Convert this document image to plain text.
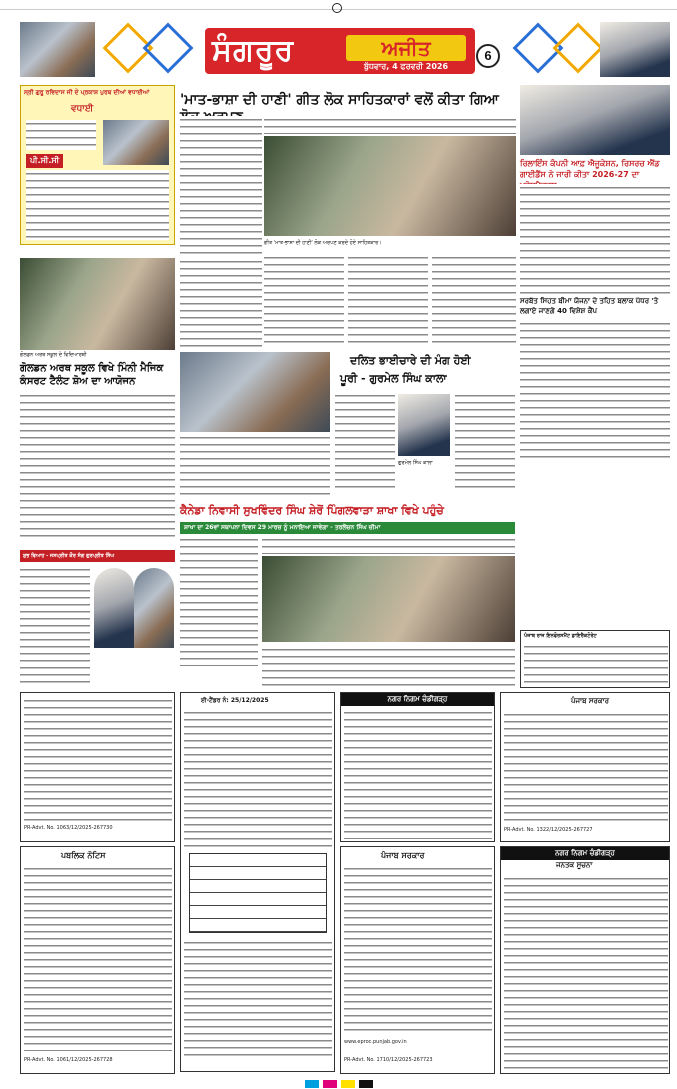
ਸੰਗਰੂਰ	ਅਜੀਤ
ਬੁੱਧਵਾਰ, 4 ਫਰਵਰੀ 2026
6
ਸ੍ਰੀ ਗੁਰੂ ਰਵਿਦਾਸ ਜੀ ਦੇ ਪ੍ਰਕਾਸ਼ ਪੁਰਬ ਦੀਆਂ ਵਧਾਈਆਂ
ਵਧਾਈ
ਪੀ.ਸੀ.ਸੀ
ਗੋਲਡਨ ਅਰਥ ਸਕੂਲ ਦੇ ਵਿਦਿਆਰਥੀ
ਗੋਲਡਨ ਅਰਥ ਸਕੂਲ ਵਿਖੇ ਮਿੰਨੀ ਮੈਜਿਕ ਕੰਸਰਟ ਟੈਲੰਟ ਸ਼ੋਅ ਦਾ ਆਯੋਜਨ
ਸ਼ੁਭ ਵਿਆਹ - ਜਸਪ੍ਰੀਤ ਕੌਰ ਸੰਗ ਗੁਰਪ੍ਰੀਤ ਸਿੰਘ
'ਮਾਤ-ਭਾਸ਼ਾ ਦੀ ਹਾਣੀ' ਗੀਤ ਲੋਕ ਸਾਹਿਤਕਾਰਾਂ ਵਲੋਂ ਕੀਤਾ ਗਿਆ
ਗੀਤ 'ਮਾਤ-ਭਾਸ਼ਾ ਦੀ ਹਾਣੀ' ਲੋਕ ਅਰਪਣ ਕਰਦੇ ਹੋਏ ਸਾਹਿਤਕਾਰ।
ਰਿਲਾਇੰਸ ਕੰਪਨੀ ਆਫ਼ ਐਜੂਕੇਸ਼ਨ, ਰਿਸਰਚ ਐਂਡ ਗਾਈਡੈਂਸ ਨੇ ਜਾਰੀ ਕੀਤਾ 2026-27 ਦਾ
ਸਰਬੱਤ ਸਿਹਤ ਬੀਮਾ ਯੋਜਨਾ ਦੇ ਤਹਿਤ ਬਲਾਕ ਪੱਧਰ 'ਤੇ ਲਗਾਏ ਜਾਣਗੇ 40 ਵਿਸ਼ੇਸ਼ ਕੈਂਪ
ਦਲਿਤ ਭਾਈਚਾਰੇ ਦੀ ਮੰਗ ਹੋਈ
ਪੂਰੀ - ਗੁਰਮੇਲ ਸਿੰਘ ਕਾਲਾ
ਗੁਰਮੇਲ ਸਿੰਘ ਕਾਲਾ
ਕੈਨੇਡਾ ਨਿਵਾਸੀ ਸੁਖਵਿੰਦਰ ਸਿੰਘ ਸ਼ੇਰੋਂ ਪਿੰਗਲਵਾੜਾ ਸ਼ਾਖਾ ਵਿਖੇ ਪਹੁੰਚੇ
ਸ਼ਾਖਾ ਦਾ 26ਵਾਂ ਸਥਾਪਨਾ ਦਿਵਸ 29 ਮਾਰਚ ਨੂੰ ਮਨਾਇਆ ਜਾਵੇਗਾ - ਤਰਲੋਚਨ ਸਿੰਘ ਚੀਮਾ
ਪੰਜਾਬ ਰਾਜ ਇਨਫੋਰਸਮੈਂਟ ਡਾਇਰੈਕਟੋਰੇਟ
PR-Advt. No. 1063/12/2025-267730
ਪਬਲਿਕ ਨੋਟਿਸ
PR-Advt. No. 1061/12/2025-267728
ਈ-ਟੈਂਡਰ ਨੰ: 25/12/2025	ਨਗਰ ਨਿਗਮ ਚੰਡੀਗੜ੍ਹ
ਪੰਜਾਬ ਸਰਕਾਰ
www.eproc.punjab.gov.in
PR-Advt. No. 1710/12/2025-267723
ਪੰਜਾਬ ਸਰਕਾਰ
PR-Advt. No. 1322/12/2025-267727
ਨਗਰ ਨਿਗਮ ਚੰਡੀਗੜ੍ਹ
ਜਨਤਕ ਸੂਚਨਾ
